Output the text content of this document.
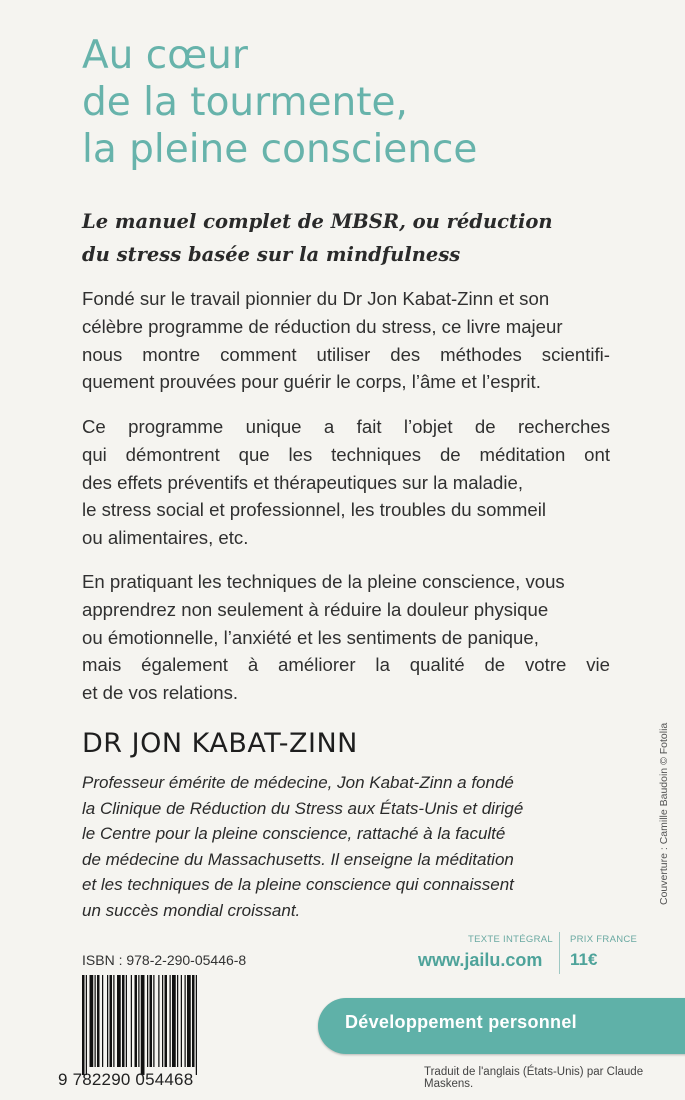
Au cœur
de la tourmente,
la pleine conscience

Le manuel complet de MBSR, ou réduction
du stress basée sur la mindfulness

Fondé sur le travail pionnier du Dr Jon Kabat-Zinn et son
célèbre programme de réduction du stress, ce livre majeur
nous montre comment utiliser des méthodes scientifi-
quement prouvées pour guérir le corps, l’âme et l’esprit.

Ce programme unique a fait l’objet de recherches
qui démontrent que les techniques de méditation ont
des effets préventifs et thérapeutiques sur la maladie,
le stress social et professionnel, les troubles du sommeil
ou alimentaires, etc.

En pratiquant les techniques de la pleine conscience, vous
apprendrez non seulement à réduire la douleur physique
ou émotionnelle, l’anxiété et les sentiments de panique,
mais également à améliorer la qualité de votre vie
et de vos relations.

DR JON KABAT-ZINN

Professeur émérite de médecine, Jon Kabat-Zinn a fondé
la Clinique de Réduction du Stress aux États-Unis et dirigé
le Centre pour la pleine conscience, rattaché à la faculté
de médecine du Massachusetts. Il enseigne la méditation
et les techniques de la pleine conscience qui connaissent
un succès mondial croissant.

Couverture : Camille Baudoin © Fotolia
ISBN : 978-2-290-05446-8
9 782290 054468
TEXTE INTÉGRAL
www.jailu.com
PRIX FRANCE
11€
Développement personnel
Traduit de l'anglais (États-Unis) par Claude Maskens.
